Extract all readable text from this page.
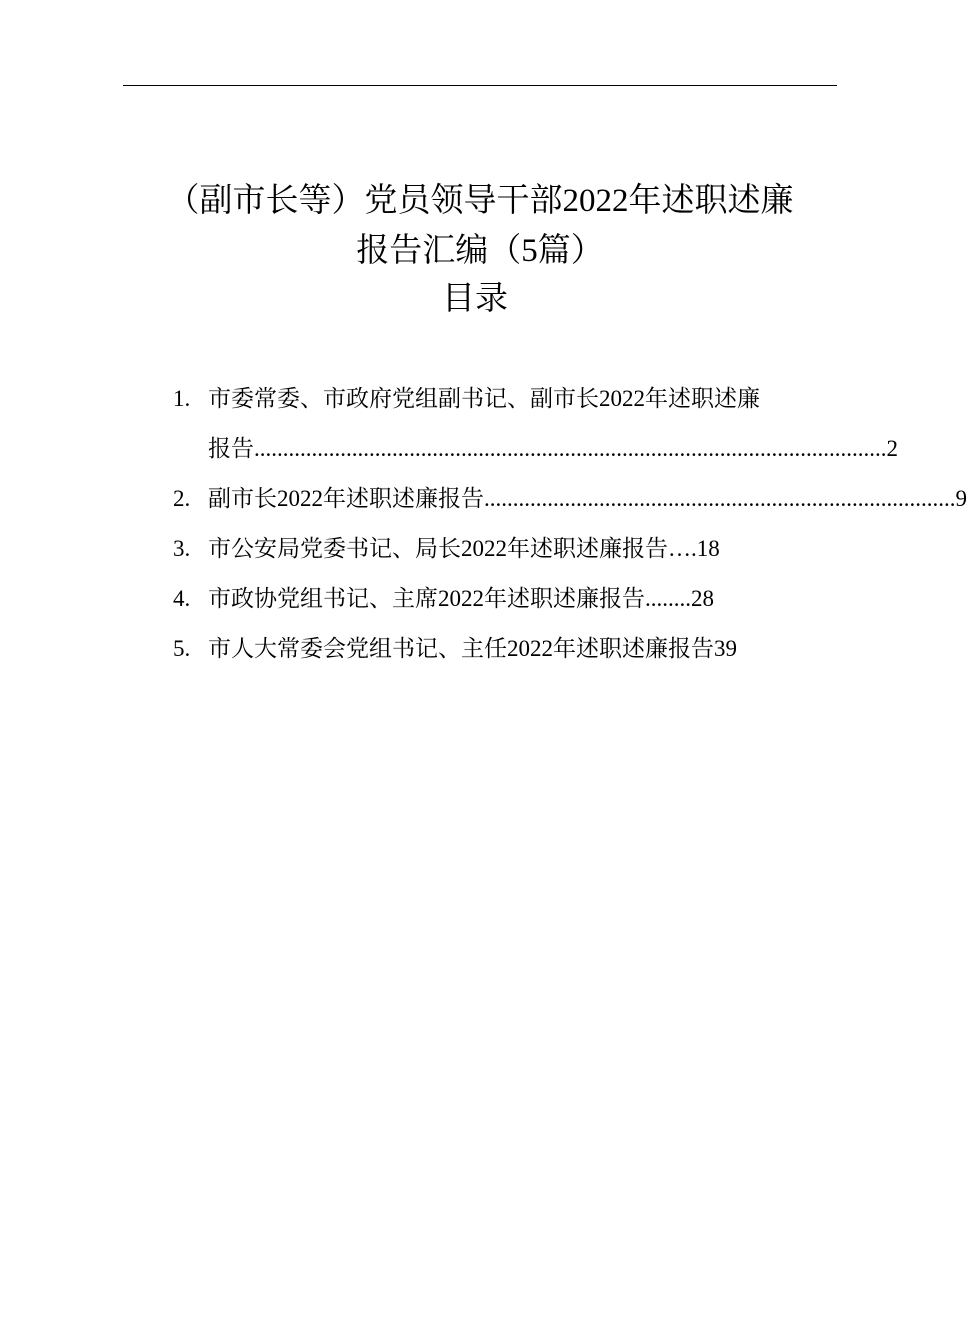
（副市长等）党员领导干部2022年述职述廉
报告汇编（5篇）
目录
1. 市委常委、市政府党组副书记、副市长2022年述职述廉
报告 .............................................................................................................. 2
2. 副市长2022年述职述廉报告 .................................................................................. 9
3. 市公安局党委书记、局长2022年述职述廉报告….18
4. 市政协党组书记、主席2022年述职述廉报告........28
5. 市人大常委会党组书记、主任2022年述职述廉报告39
